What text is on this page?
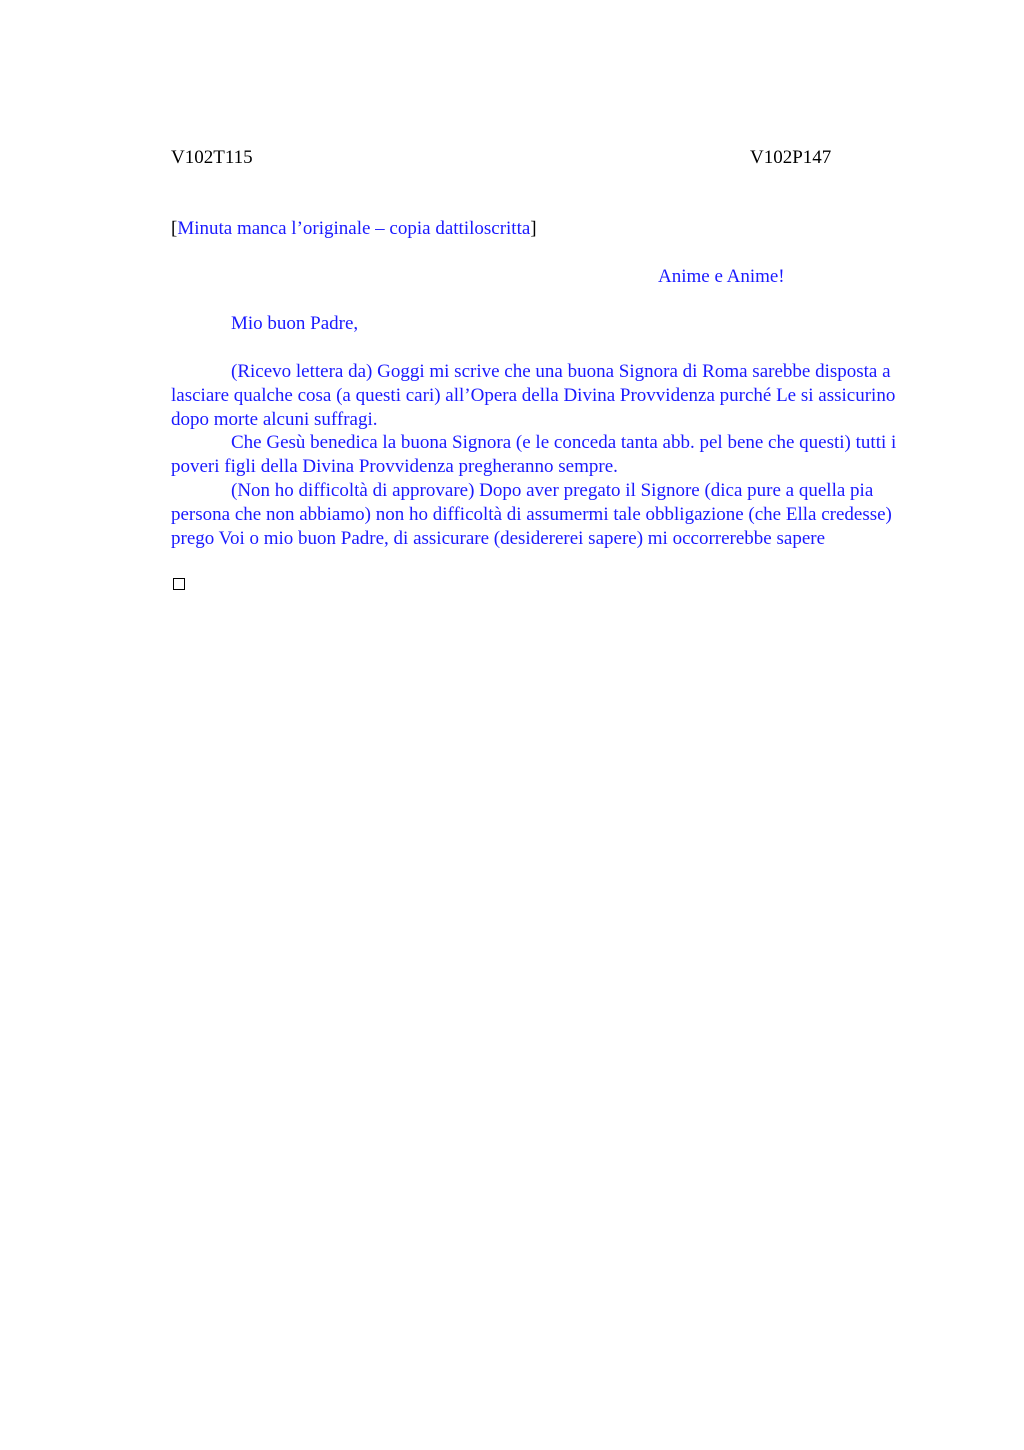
V102T115	V102P147
[Minuta manca l’originale – copia dattiloscritta]
Anime e Anime!
Mio buon Padre,

(Ricevo lettera da) Goggi mi scrive che una buona Signora di Roma sarebbe disposta a lasciare qualche cosa (a questi cari) all’Opera della Divina Provvidenza purché Le si assicurino dopo morte alcuni suffragi.

Che Gesù benedica la buona Signora (e le conceda tanta abb. pel bene che questi) tutti i poveri figli della Divina Provvidenza pregheranno sempre.

(Non ho difficoltà di approvare) Dopo aver pregato il Signore (dica pure a quella pia persona che non abbiamo) non ho difficoltà di assumermi tale obbligazione (che Ella credesse) prego Voi o mio buon Padre, di assicurare (desidererei sapere) mi occorrerebbe sapere
